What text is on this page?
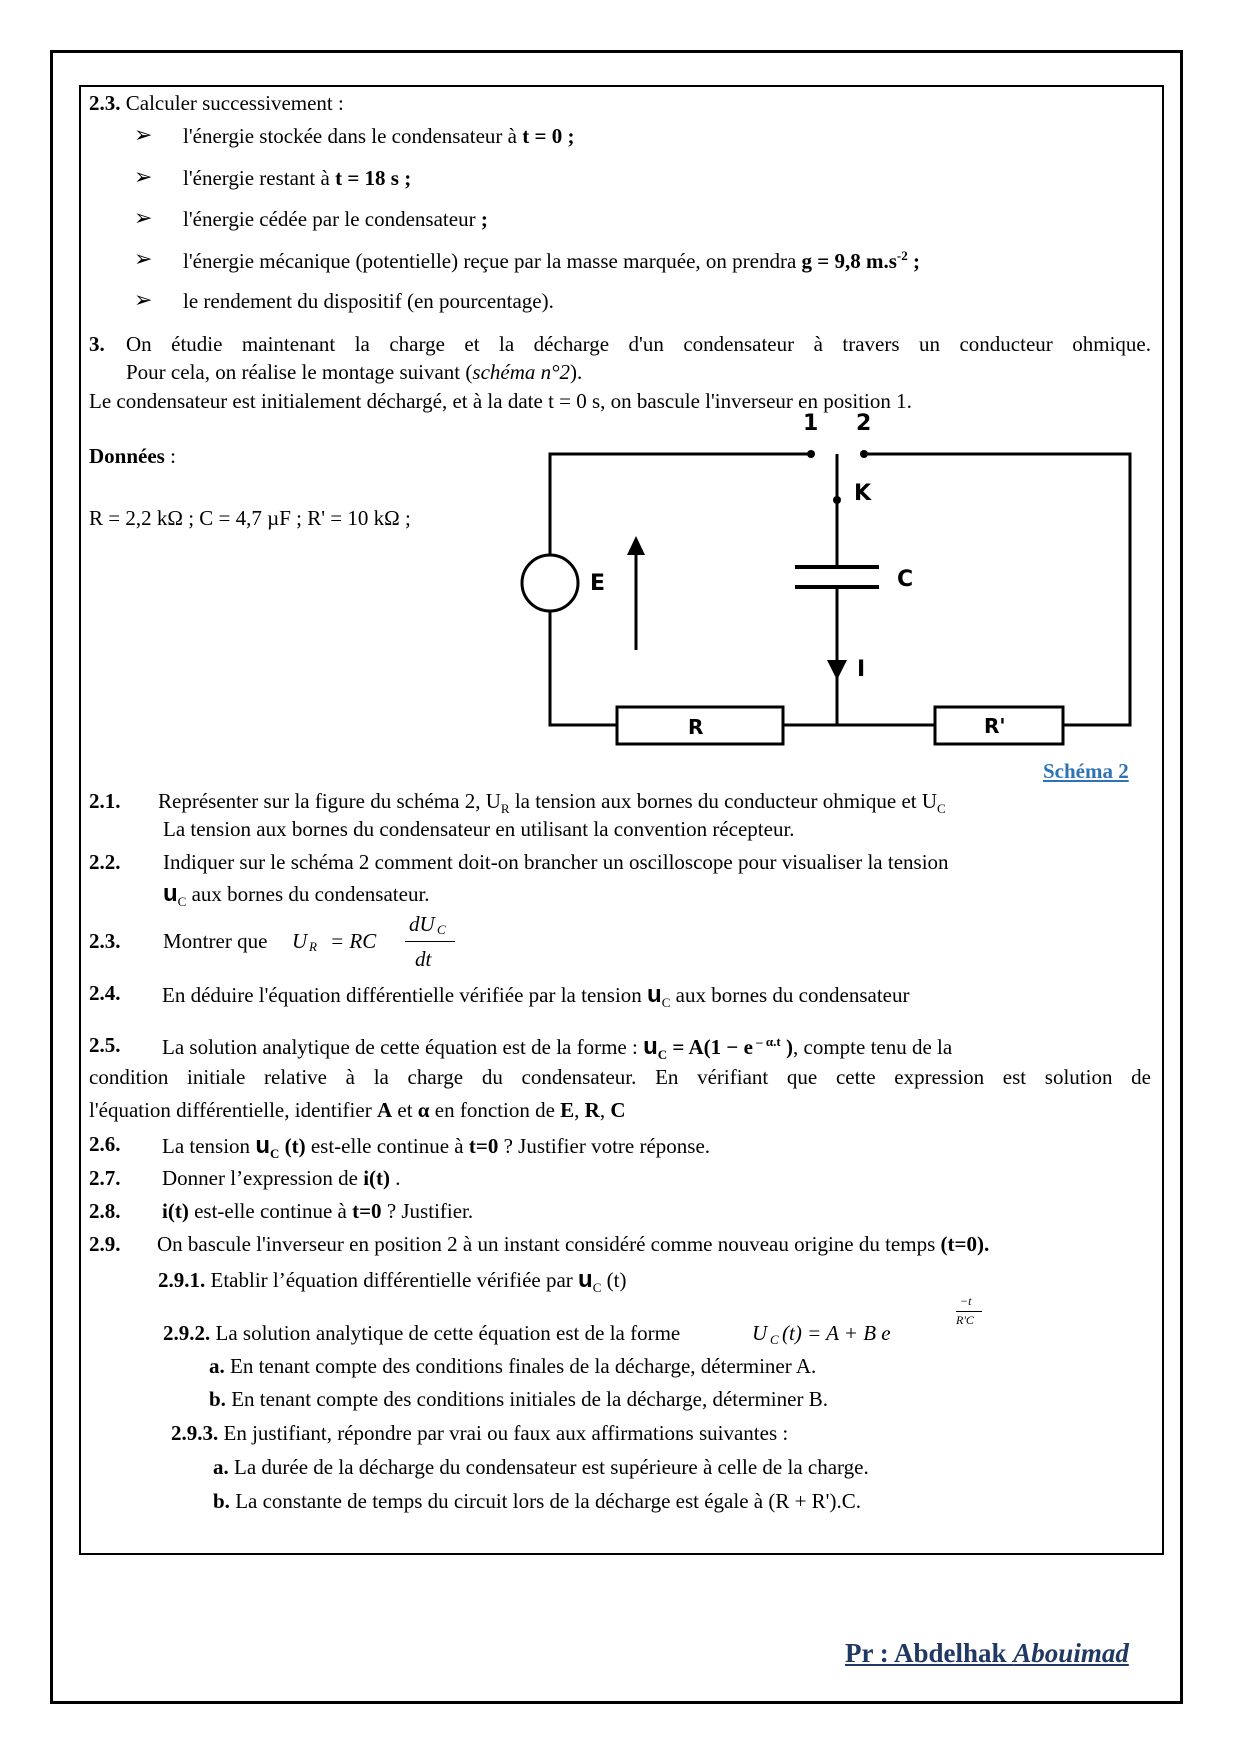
2.3. Calculer successivement :
➢ l'énergie stockée dans le condensateur à t = 0 ;
➢ l'énergie restant à t = 18 s ;
➢ l'énergie cédée par le condensateur ;
➢ l'énergie mécanique (potentielle) reçue par la masse marquée, on prendra g = 9,8 $m.s^{-2}$ ;
➢ le rendement du dispositif (en pourcentage).
3. On étudie maintenant la charge et la décharge d'un condensateur à travers un conducteur ohmique.
Pour cela, on réalise le montage suivant (schéma n°2).
Le condensateur est initialement déchargé, et à la date t = 0 s, on bascule l'inverseur en position 1.
Données :
R = 2,2 kΩ ; C = 4,7 µF ; R' = 10 kΩ ;
1 2
K
E	C
I
R	R'
Schéma 2
2.1. Représenter sur la figure du schéma 2, $U_R$ la tension aux bornes du conducteur ohmique et $U_C$
La tension aux bornes du condensateur en utilisant la convention récepteur.
2.2. Indiquer sur le schéma 2 comment doit-on brancher un oscilloscope pour visualiser la tension
$u_C$ aux bornes du condensateur.
2.3. Montrer que U R = RC
dU C
dt
2.4. En déduire l'équation différentielle vérifiée par la tension $u_C$ aux bornes du condensateur
2.5. La solution analytique de cette équation est de la forme : $u_C = A(1 - e$ $^{- \alpha.t}$ ), compte tenu de la
condition initiale relative à la charge du condensateur. En vérifiant que cette expression est solution de
l'équation différentielle, identifier A et α en fonction de E, R, C
2.6. La tension $u_C$ (t) est-elle continue à t=0 ? Justifier votre réponse.
2.7. Donner l’expression de i(t) .
2.8. i(t) est-elle continue à t=0 ? Justifier.
2.9. On bascule l'inverseur en position 2 à un instant considéré comme nouveau origine du temps (t=0).
2.9.1. Etablir l’équation différentielle vérifiée par $u_C$ (t)
2.9.2. La solution analytique de cette équation est de la forme	U C (t) = A + B e
−t
R'C
a. En tenant compte des conditions finales de la décharge, déterminer A.
b. En tenant compte des conditions initiales de la décharge, déterminer B.
2.9.3. En justifiant, répondre par vrai ou faux aux affirmations suivantes :
a. La durée de la décharge du condensateur est supérieure à celle de la charge.
b. La constante de temps du circuit lors de la décharge est égale à (R + R').C.
Pr : Abdelhak Abouimad
